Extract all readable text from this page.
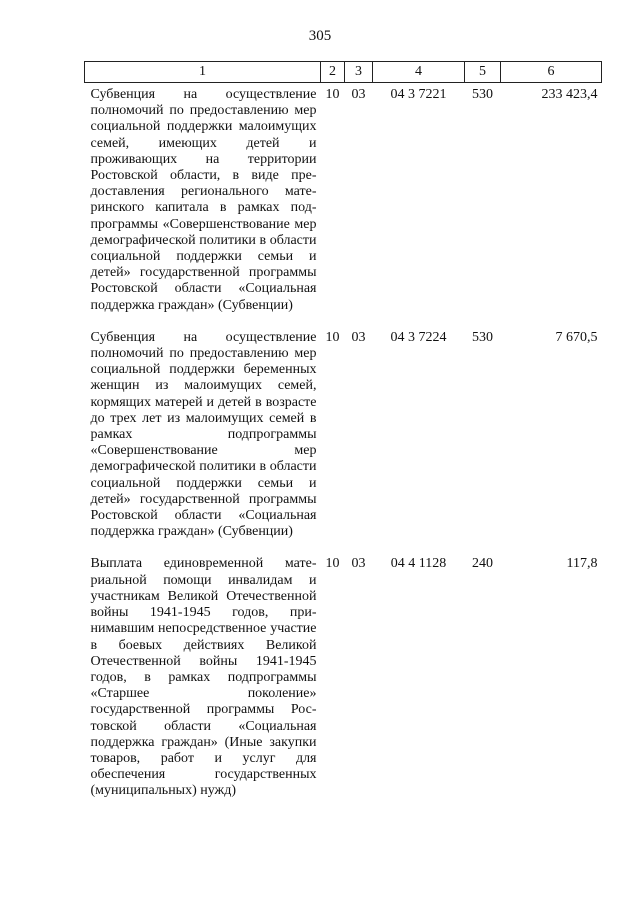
305
1	2	3	4	5	6
Субвенция на осуществление полномочий по предоставлению мер социальной поддержки малоимущих семей, имеющих детей и проживающих на территории Ростовской области, в виде предоставления регионального материнского капитала в рамках подпрограммы «Совершенствование мер демографической политики в области социальной поддержки семьи и детей» государственной программы Ростовской области «Социальная поддержка граждан» (Субвенции)	10	03	04 3 7221	530	233 423,4

Субвенция на осуществление полномочий по предоставлению мер социальной поддержки беременных женщин из малоимущих семей, кормящих матерей и детей в возрасте до трех лет из малоимущих семей в рамках подпрограммы «Совершенствование мер демографической политики в области социальной поддержки семьи и детей» государственной программы Ростовской области «Социальная поддержка граждан» (Субвенции)	10	03	04 3 7224	530	7 670,5

Выплата единовременной материальной помощи инвалидам и участникам Великой Отечественной войны 1941-1945 годов, принимавшим непосредственное участие в боевых действиях Великой Отечественной войны 1941-1945 годов, в рамках подпрограммы «Старшее поколение» государственной программы Ростовской области «Социальная поддержка граждан» (Иные закупки товаров, работ и услуг для обеспечения государственных (муниципальных) нужд)	10	03	04 4 1128	240	117,8
